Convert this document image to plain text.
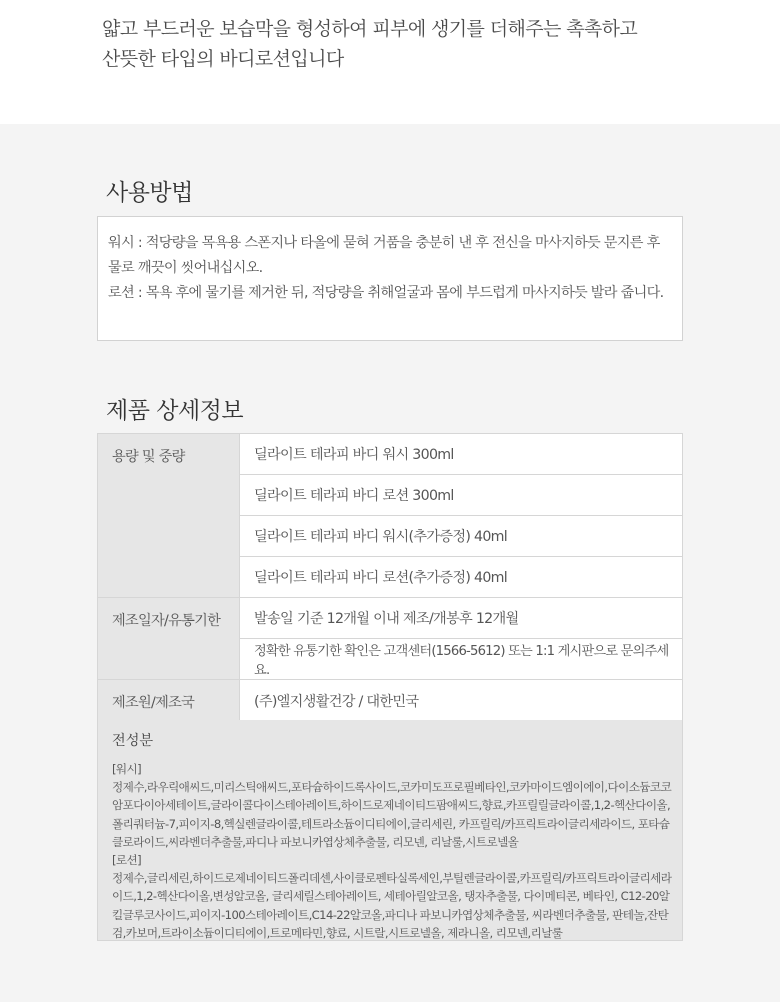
얇고 부드러운 보습막을 형성하여 피부에 생기를 더해주는 촉촉하고

산뜻한 타입의 바디로션입니다

사용방법
워시 : 적당량을 목욕용 스폰지나 타올에 묻혀 거품을 충분히 낸 후 전신을 마사지하듯 문지른 후
물로 깨끗이 씻어내십시오.
로션 : 목욕 후에 물기를 제거한 뒤, 적당량을 취해얼굴과 몸에 부드럽게 마사지하듯 발라 줍니다.
제품 상세정보
용량 및 중량	딜라이트 테라피 바디 워시 300ml
	딜라이트 테라피 바디 로션 300ml
	딜라이트 테라피 바디 워시(추가증정) 40ml
	딜라이트 테라피 바디 로션(추가증정) 40ml
제조일자/유통기한	발송일 기준 12개월 이내 제조/개봉후 12개월
	정확한 유통기한 확인은 고객센터(1566-5612) 또는 1:1 게시판으로 문의주세요.
제조원/제조국	(주)엘지생활건강 / 대한민국
전성분
[워시]
정제수,라우릭애씨드,미리스틱애씨드,포타슘하이드록사이드,코카미도프로필베타인,코카마이드엠이에이,다이소듐코코암포다이아세테이트,글라이콜다이스테아레이트,하이드로제네이티드팜애씨드,향료,카프릴릴글라이콜,1,2-헥산다이올,폴리쿼터늄-7,피이지-8,헥실렌글라이콜,테트라소듐이디티에이,글리세린, 카프릴릭/카프릭트라이글리세라이드, 포타슘클로라이드,씨라벤더추출물,파디나 파보니카엽상체추출물, 리모넨, 리날룰,시트로넬올
[로션]
정제수,글리세린,하이드로제네이티드폴리데센,사이클로펜타실록세인,부틸렌글라이콜,카프릴릭/카프릭트라이글리세라이드,1,2-헥산다이올,변성알코올, 글리세릴스테아레이트, 세테아릴알코올, 탱자추출물, 다이메티콘, 베타인, C12-20알킬글루코사이드,피이지-100스테아레이트,C14-22알코올,파디나 파보니카엽상체추출물, 씨라벤더추출물, 판테놀,잔탄검,카보머,트라이소듐이디티에이,트로메타민,향료, 시트랄,시트로넬올, 제라니올, 리모넨,리날룰
